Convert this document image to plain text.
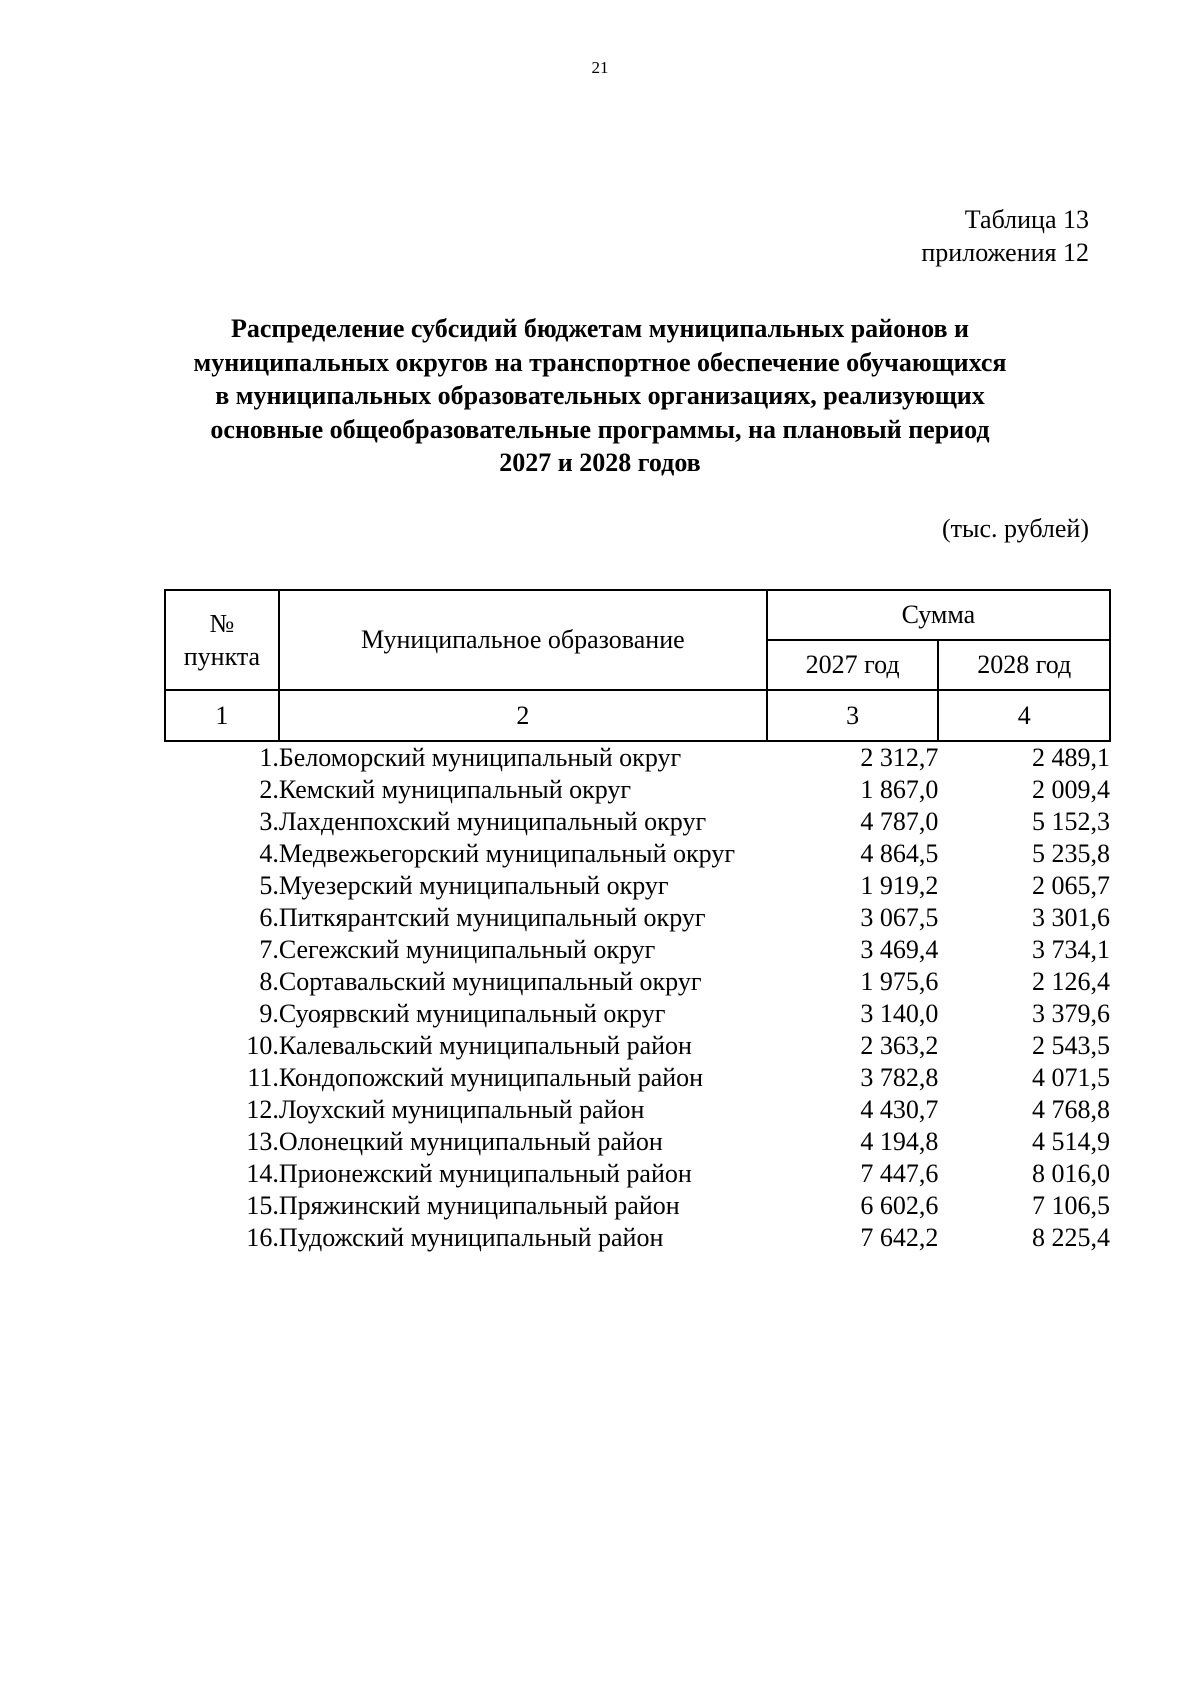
21
Таблица 13
приложения 12
Распределение субсидий бюджетам муниципальных районов и
муниципальных округов на транспортное обеспечение обучающихся
в муниципальных образовательных организациях, реализующих
основные общеобразовательные программы, на плановый период
2027 и 2028 годов
(тыс. рублей)
№
пункта	Муниципальное образование	Сумма	
		2027 год	2028 год
1	2	3	4
1.	Беломорский муниципальный округ	2 312,7	2 489,1
2.	Кемский муниципальный округ	1 867,0	2 009,4
3.	Лахденпохский муниципальный округ	4 787,0	5 152,3
4.	Медвежьегорский муниципальный округ	4 864,5	5 235,8
5.	Муезерский муниципальный округ	1 919,2	2 065,7
6.	Питкярантский муниципальный округ	3 067,5	3 301,6
7.	Сегежский муниципальный округ	3 469,4	3 734,1
8.	Сортавальский муниципальный округ	1 975,6	2 126,4
9.	Суоярвский муниципальный округ	3 140,0	3 379,6
10.	Калевальский муниципальный район	2 363,2	2 543,5
11.	Кондопожский муниципальный район	3 782,8	4 071,5
12.	Лоухский муниципальный район	4 430,7	4 768,8
13.	Олонецкий муниципальный район	4 194,8	4 514,9
14.	Прионежский муниципальный район	7 447,6	8 016,0
15.	Пряжинский муниципальный район	6 602,6	7 106,5
16.	Пудожский муниципальный район	7 642,2	8 225,4
